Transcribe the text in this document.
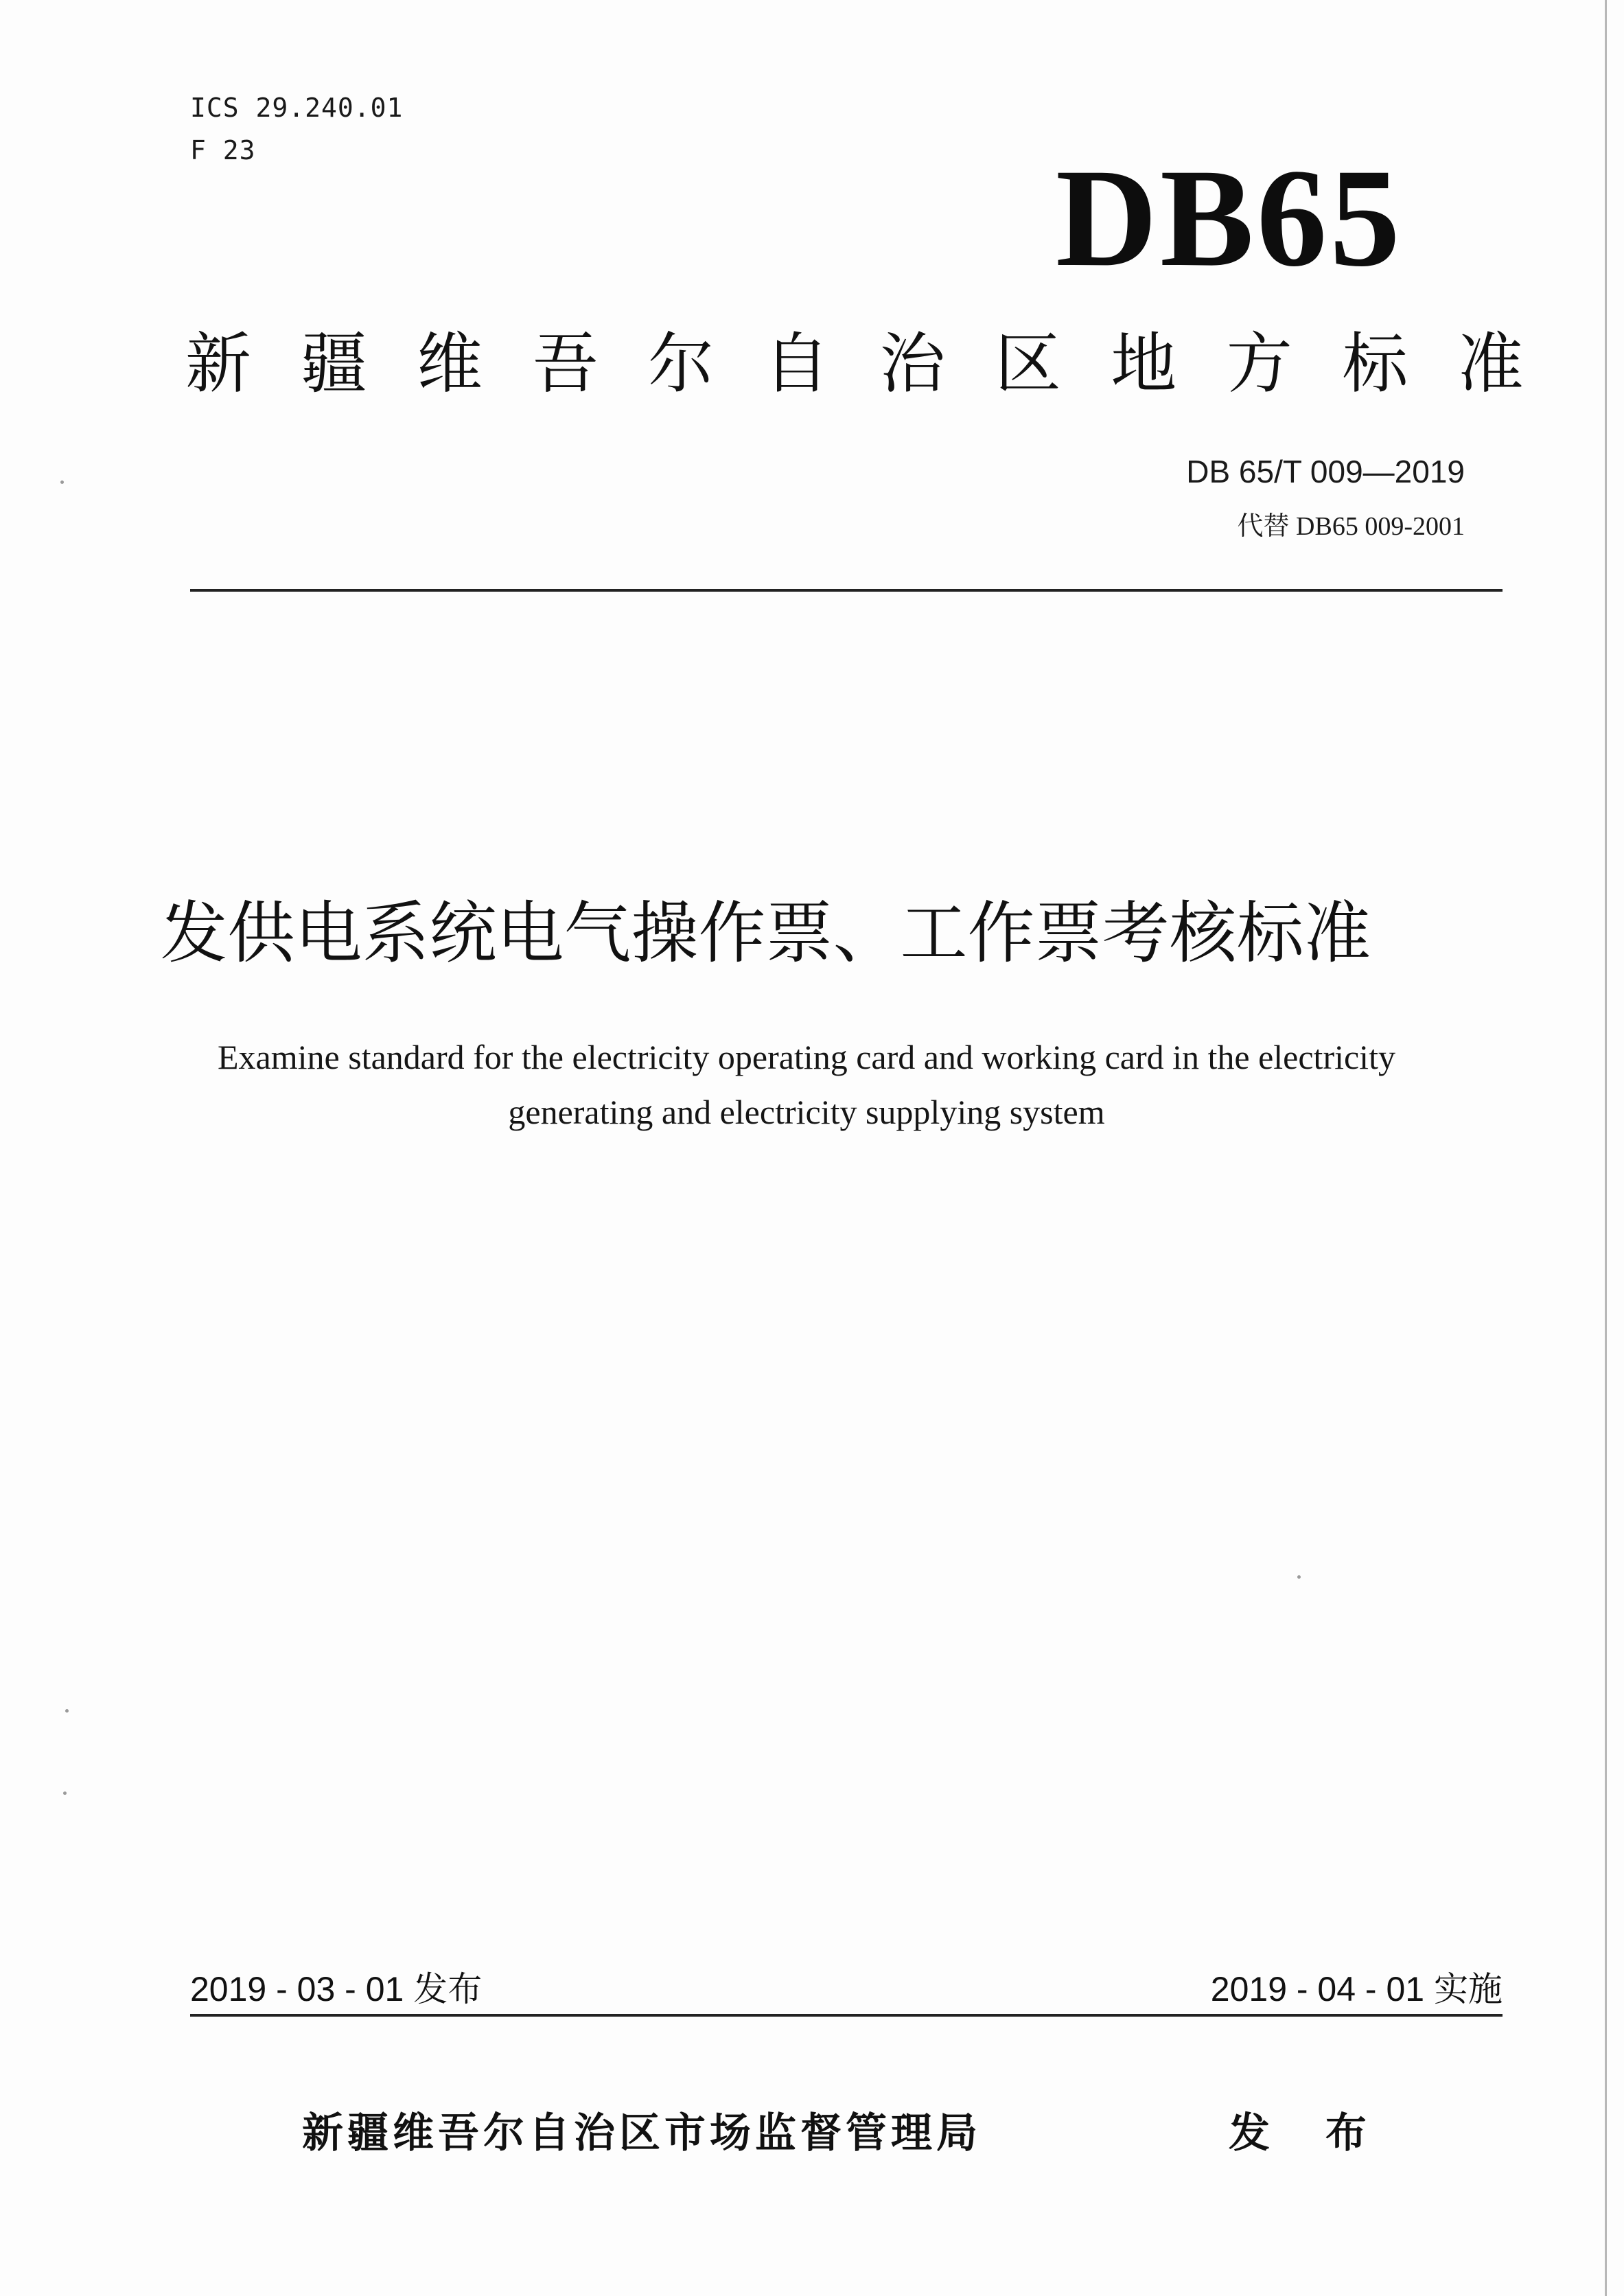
ICS 29.240.01
F 23	DB65
新 疆 维 吾 尔 自 治 区 地 方 标 准
DB 65/T 009—2019
代替 DB65 009-2001
发供电系统电气操作票、工作票考核标准
Examine standard for the electricity operating card and working card in the electricity
generating and electricity supplying system
2019 - 03 - 01 发布	2019 - 04 - 01 实施
新疆维吾尔自治区市场监督管理局	发 布
